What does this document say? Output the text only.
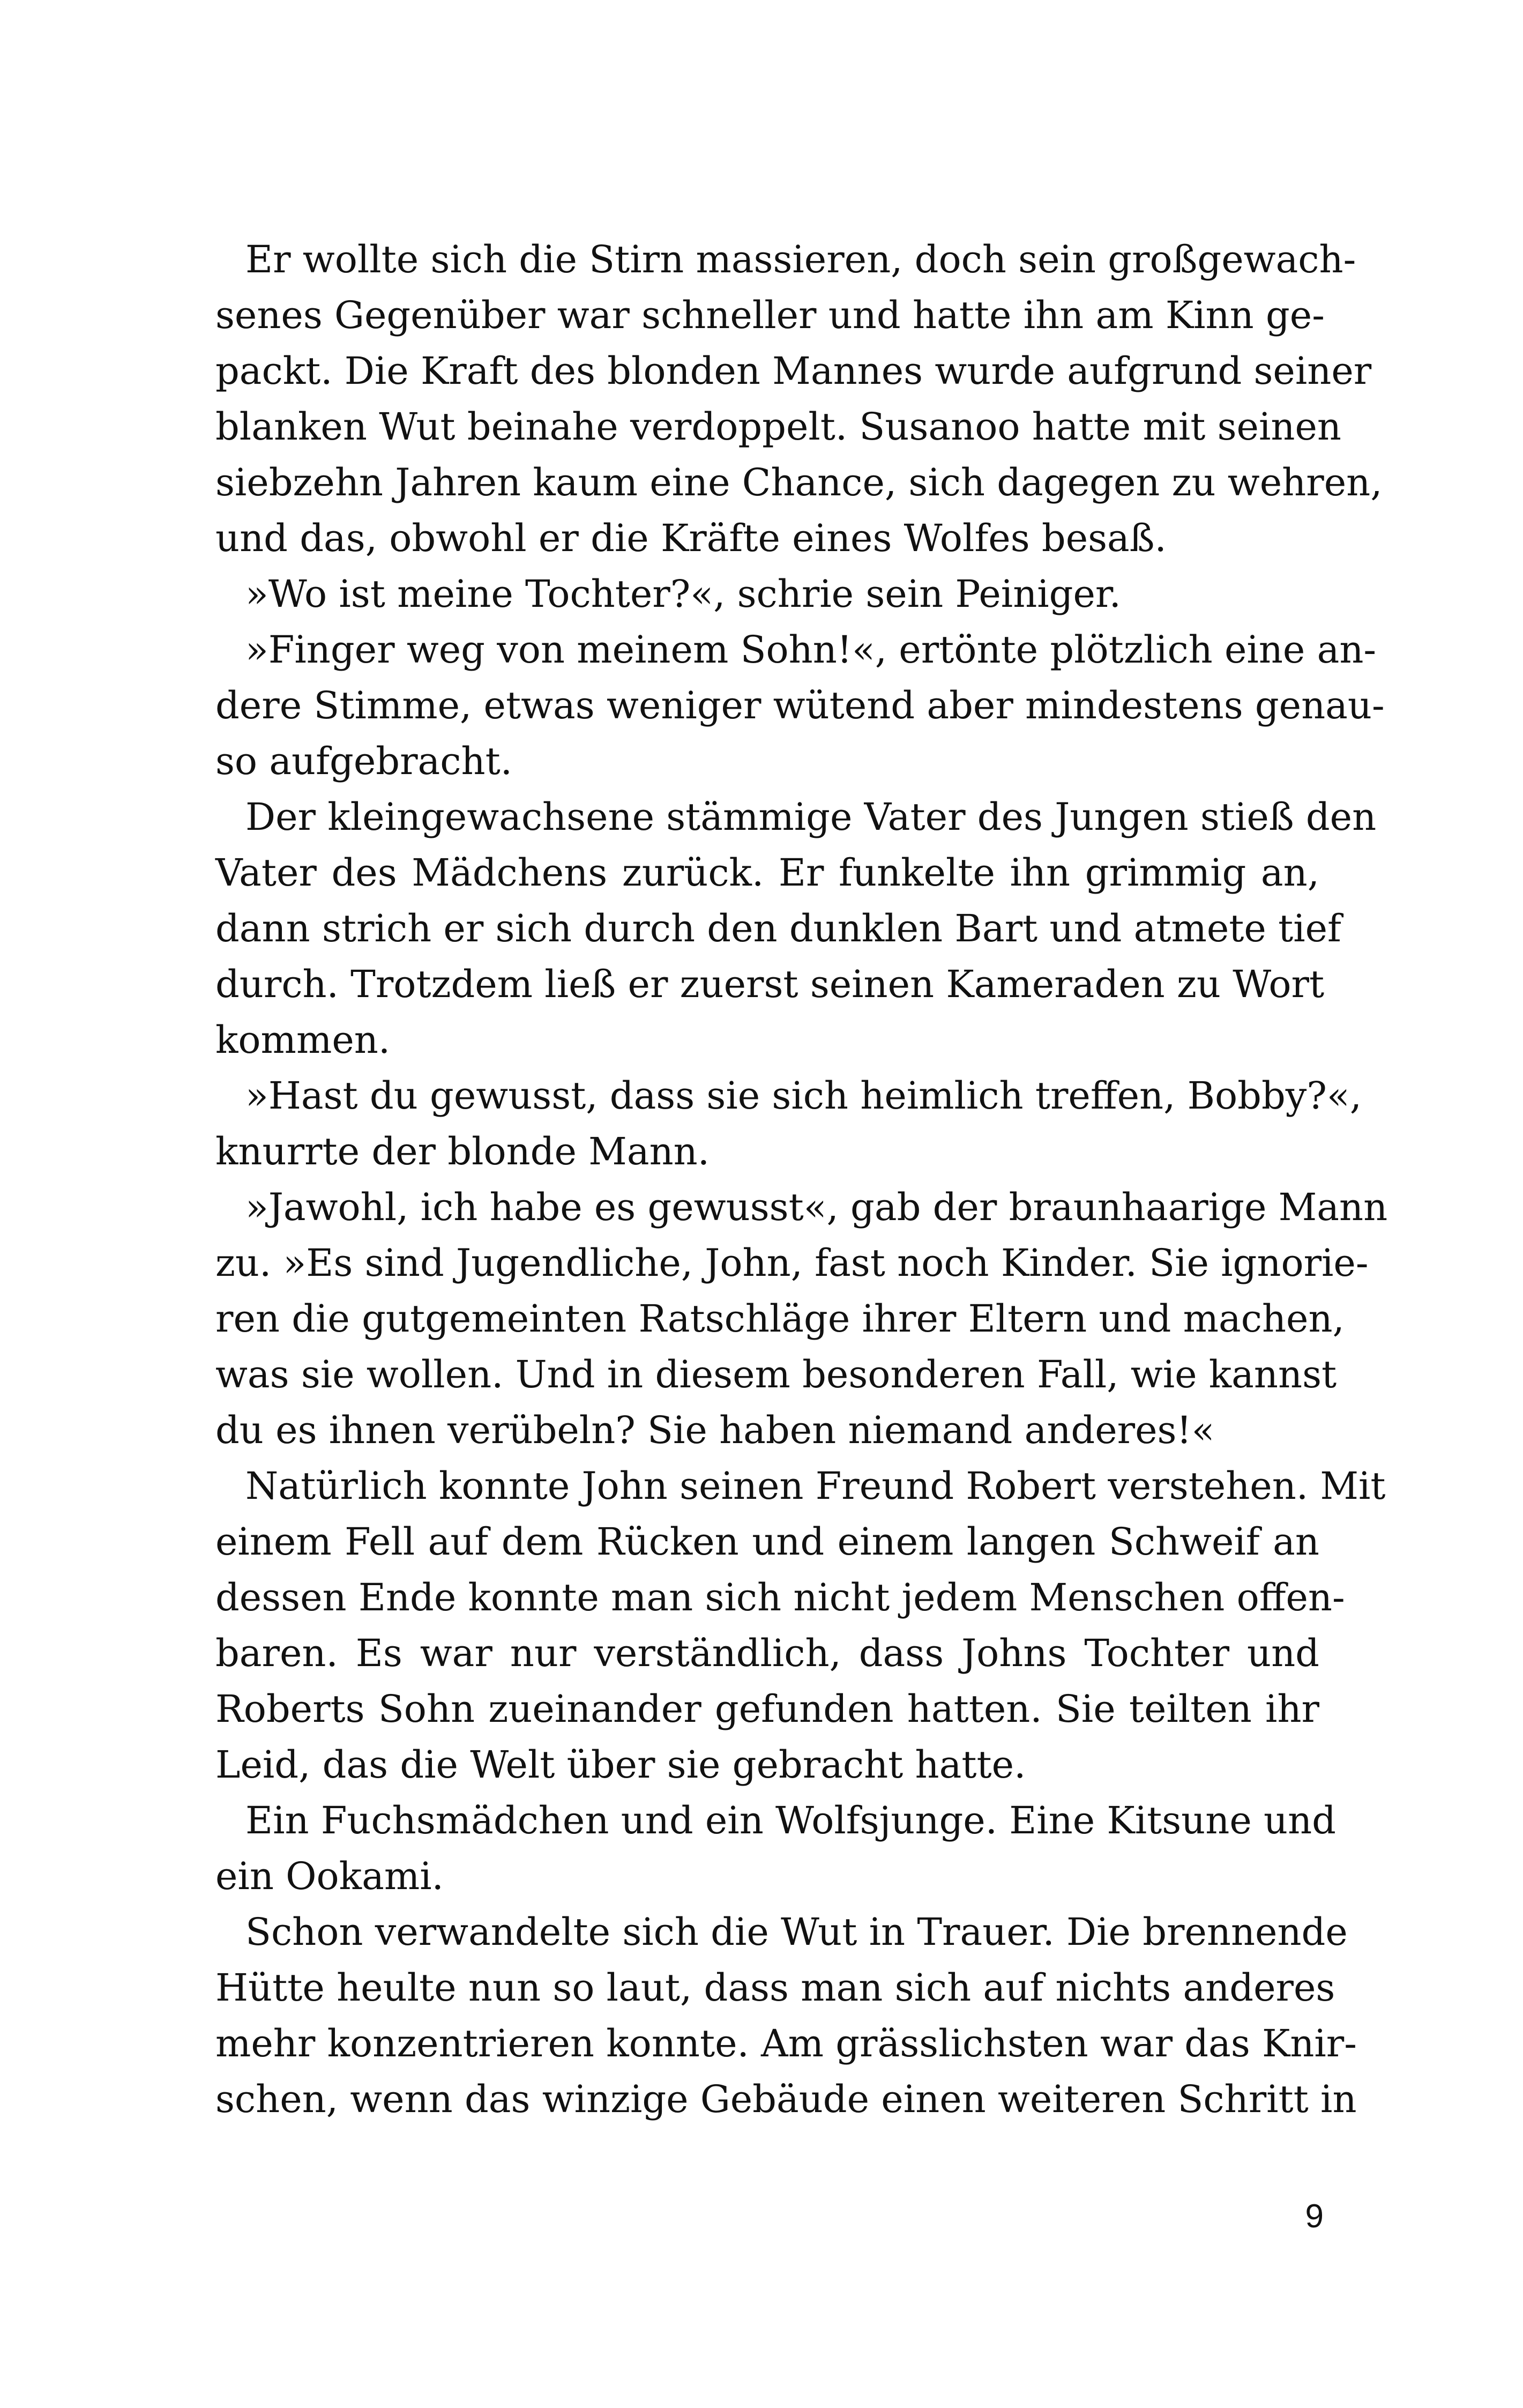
Er wollte sich die Stirn massieren, doch sein großgewach-
senes Gegenüber war schneller und hatte ihn am Kinn ge-
packt. Die Kraft des blonden Mannes wurde aufgrund seiner
blanken Wut beinahe verdoppelt. Susanoo hatte mit seinen
siebzehn Jahren kaum eine Chance, sich dagegen zu wehren,
und das, obwohl er die Kräfte eines Wolfes besaß.
»Wo ist meine Tochter?«, schrie sein Peiniger.
»Finger weg von meinem Sohn!«, ertönte plötzlich eine an-
dere Stimme, etwas weniger wütend aber mindestens genau-
so aufgebracht.
Der kleingewachsene stämmige Vater des Jungen stieß den
Vater des Mädchens zurück. Er funkelte ihn grimmig an,
dann strich er sich durch den dunklen Bart und atmete tief
durch. Trotzdem ließ er zuerst seinen Kameraden zu Wort
kommen.
»Hast du gewusst, dass sie sich heimlich treffen, Bobby?«,
knurrte der blonde Mann.
»Jawohl, ich habe es gewusst«, gab der braunhaarige Mann
zu. »Es sind Jugendliche, John, fast noch Kinder. Sie ignorie-
ren die gutgemeinten Ratschläge ihrer Eltern und machen,
was sie wollen. Und in diesem besonderen Fall, wie kannst
du es ihnen verübeln? Sie haben niemand anderes!«
Natürlich konnte John seinen Freund Robert verstehen. Mit
einem Fell auf dem Rücken und einem langen Schweif an
dessen Ende konnte man sich nicht jedem Menschen offen-
baren. Es war nur verständlich, dass Johns Tochter und
Roberts Sohn zueinander gefunden hatten. Sie teilten ihr
Leid, das die Welt über sie gebracht hatte.
Ein Fuchsmädchen und ein Wolfsjunge. Eine Kitsune und
ein Ookami.
Schon verwandelte sich die Wut in Trauer. Die brennende
Hütte heulte nun so laut, dass man sich auf nichts anderes
mehr konzentrieren konnte. Am grässlichsten war das Knir-
schen, wenn das winzige Gebäude einen weiteren Schritt in
9
